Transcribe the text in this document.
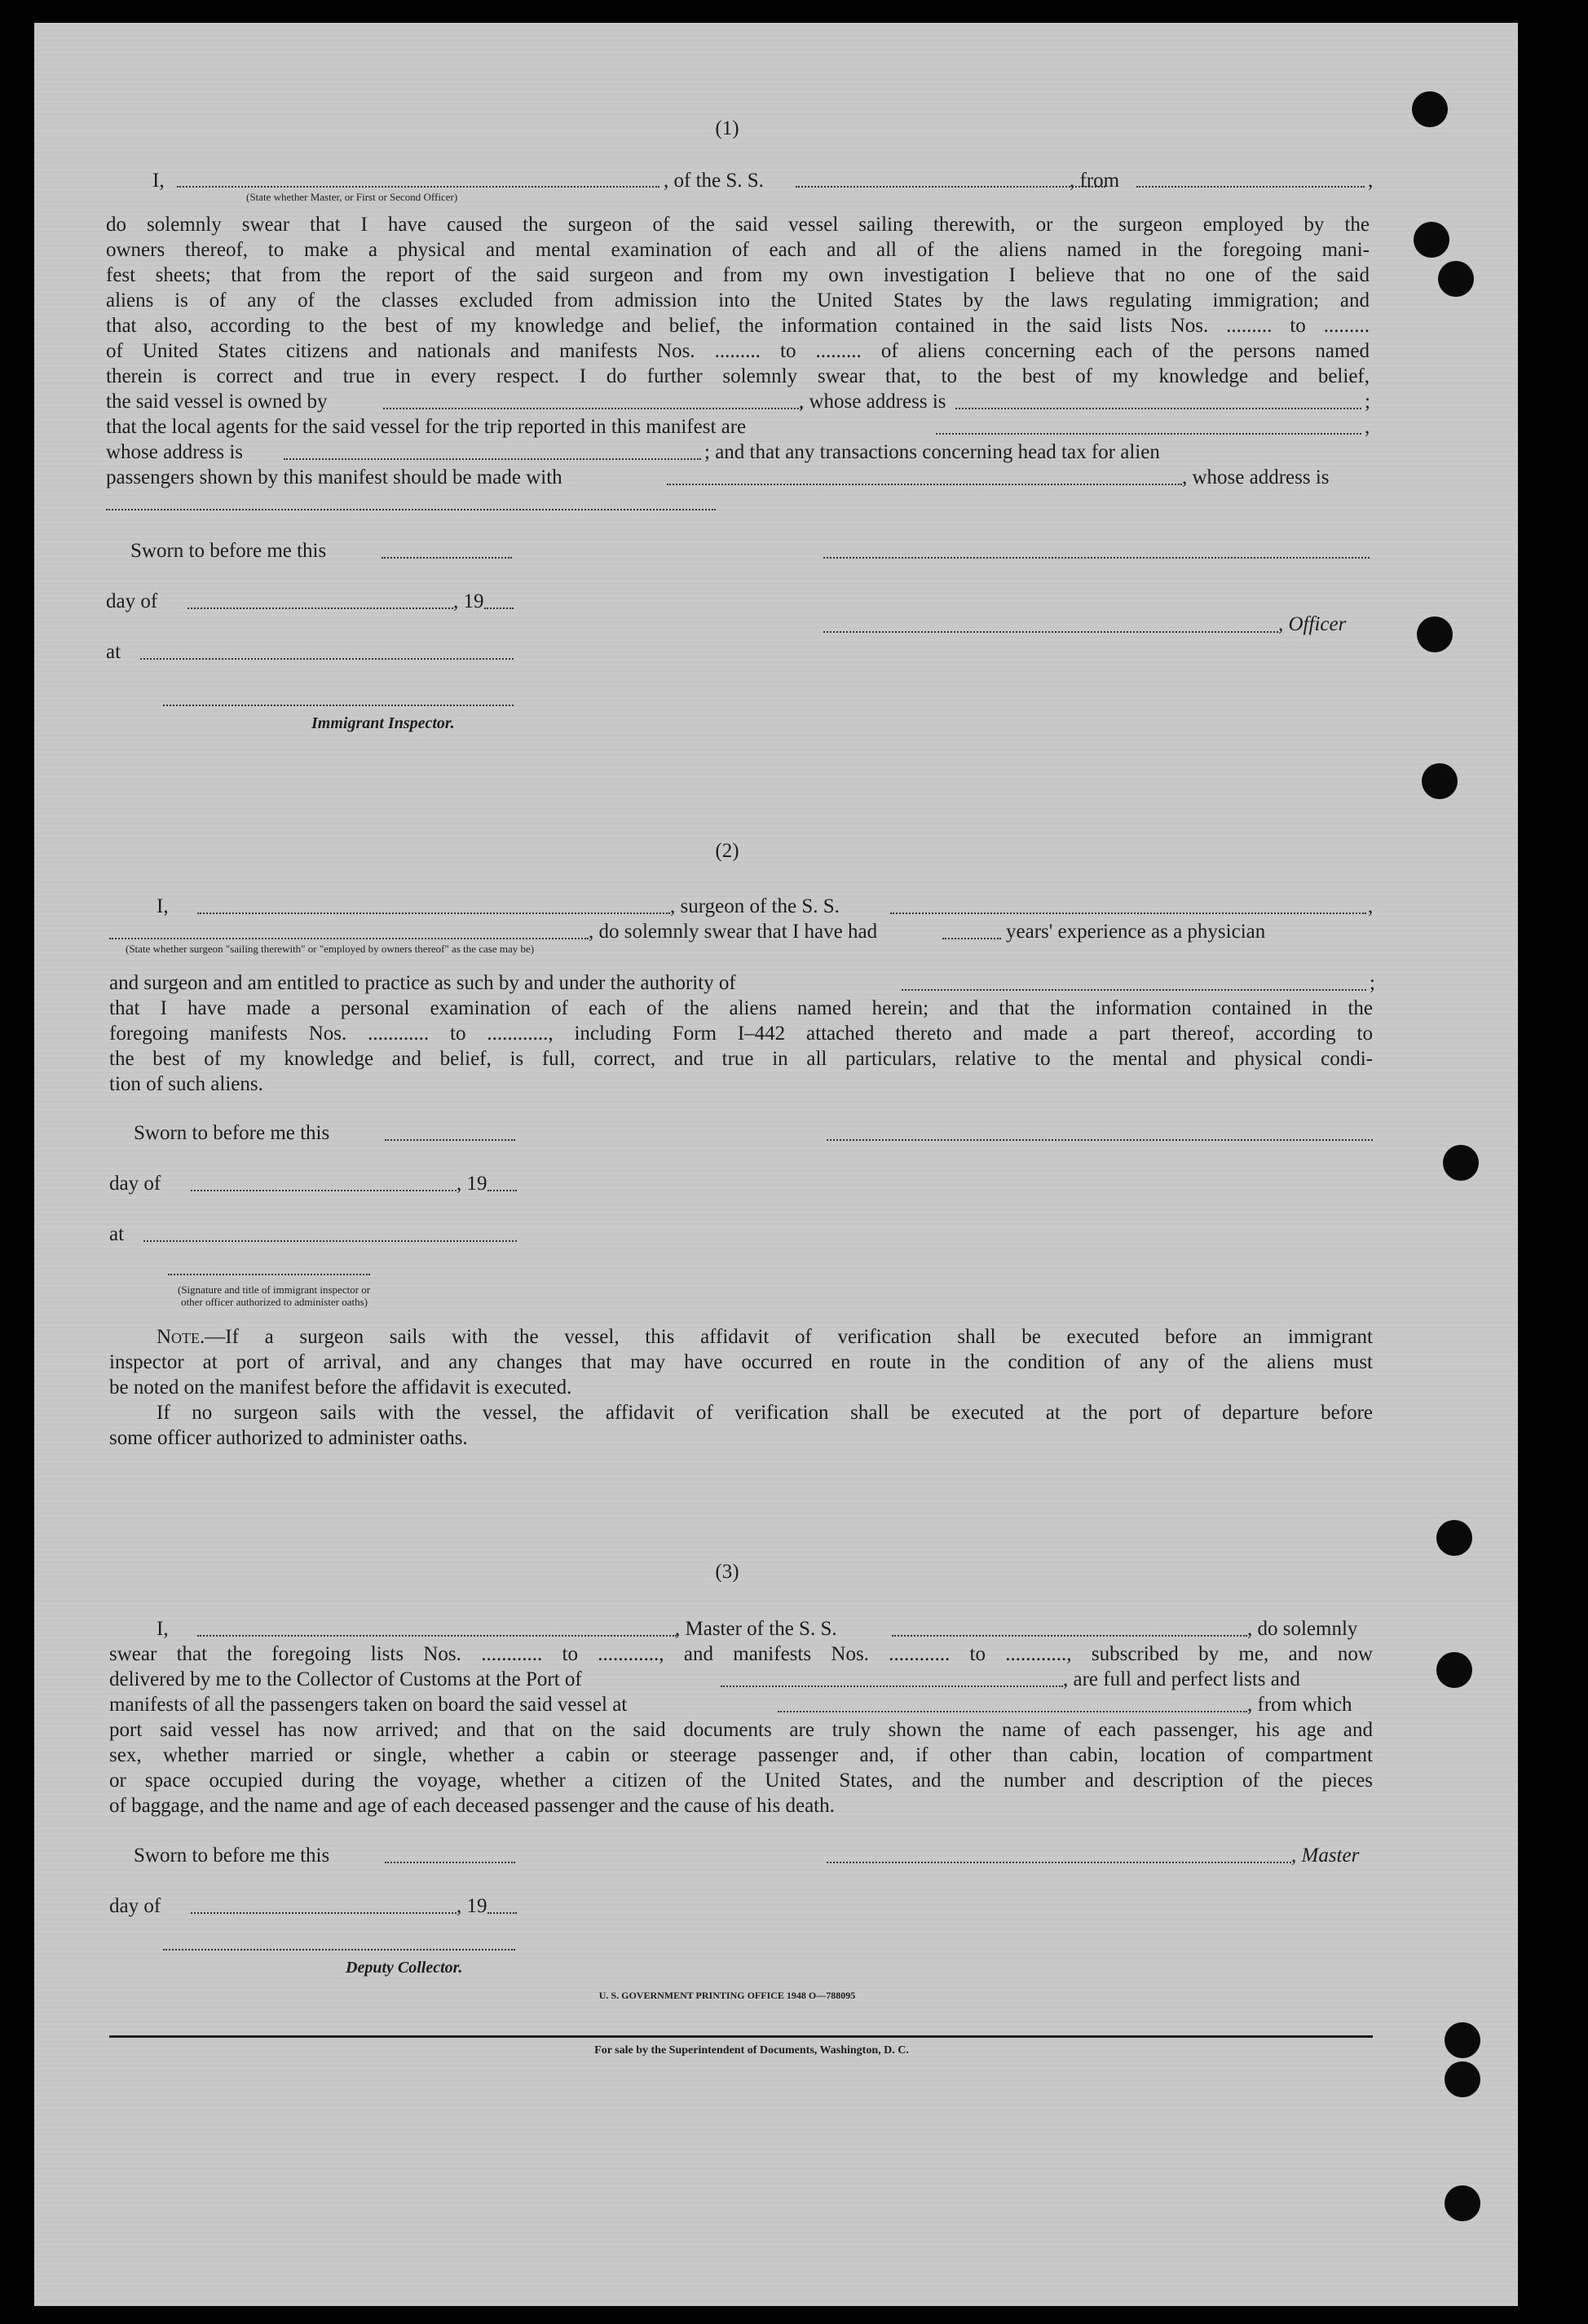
(1)
I,
(State whether Master, or First or Second Officer)
, of the S. S.	, from	,
do solemnly swear that I have caused the surgeon of the said vessel sailing therewith, or the surgeon employed by the
owners thereof, to make a physical and mental examination of each and all of the aliens named in the foregoing mani-
fest sheets; that from the report of the said surgeon and from my own investigation I believe that no one of the said
aliens is of any of the classes excluded from admission into the United States by the laws regulating immigration; and
that also, according to the best of my knowledge and belief, the information contained in the said lists Nos. ......... to .........
of United States citizens and nationals and manifests Nos. ......... to ......... of aliens concerning each of the persons named
therein is correct and true in every respect. I do further solemnly swear that, to the best of my knowledge and belief,
the said vessel is owned by	, whose address is	;
that the local agents for the said vessel for the trip reported in this manifest are	,
whose address is	; and that any transactions concerning head tax for alien
passengers shown by this manifest should be made with	, whose address is
Sworn to before me this
day of	, 19
, Officer
at
Immigrant Inspector.
(2)
I,	, surgeon of the S. S.	,
, do solemnly swear that I have had	years' experience as a physician
(State whether surgeon "sailing therewith" or "employed by owners thereof" as the case may be)
and surgeon and am entitled to practice as such by and under the authority of	;
that I have made a personal examination of each of the aliens named herein; and that the information contained in the
foregoing manifests Nos. ............ to ............, including Form I–442 attached thereto and made a part thereof, according to
the best of my knowledge and belief, is full, correct, and true in all particulars, relative to the mental and physical condi-
tion of such aliens.
Sworn to before me this
day of	, 19
at
(Signature and title of immigrant inspector or
other officer authorized to administer oaths)
Note.—If a surgeon sails with the vessel, this affidavit of verification shall be executed before an immigrant
inspector at port of arrival, and any changes that may have occurred en route in the condition of any of the aliens must
be noted on the manifest before the affidavit is executed.
If no surgeon sails with the vessel, the affidavit of verification shall be executed at the port of departure before
some officer authorized to administer oaths.
(3)
I,	, Master of the S. S.	, do solemnly
swear that the foregoing lists Nos. ............ to ............, and manifests Nos. ............ to ............, subscribed by me, and now
delivered by me to the Collector of Customs at the Port of	, are full and perfect lists and
manifests of all the passengers taken on board the said vessel at	, from which
port said vessel has now arrived; and that on the said documents are truly shown the name of each passenger, his age and
sex, whether married or single, whether a cabin or steerage passenger and, if other than cabin, location of compartment
or space occupied during the voyage, whether a citizen of the United States, and the number and description of the pieces
of baggage, and the name and age of each deceased passenger and the cause of his death.
Sworn to before me this	, Master
day of	, 19
Deputy Collector.
U. S. GOVERNMENT PRINTING OFFICE 1948 O—788095
For sale by the Superintendent of Documents, Washington, D. C.
